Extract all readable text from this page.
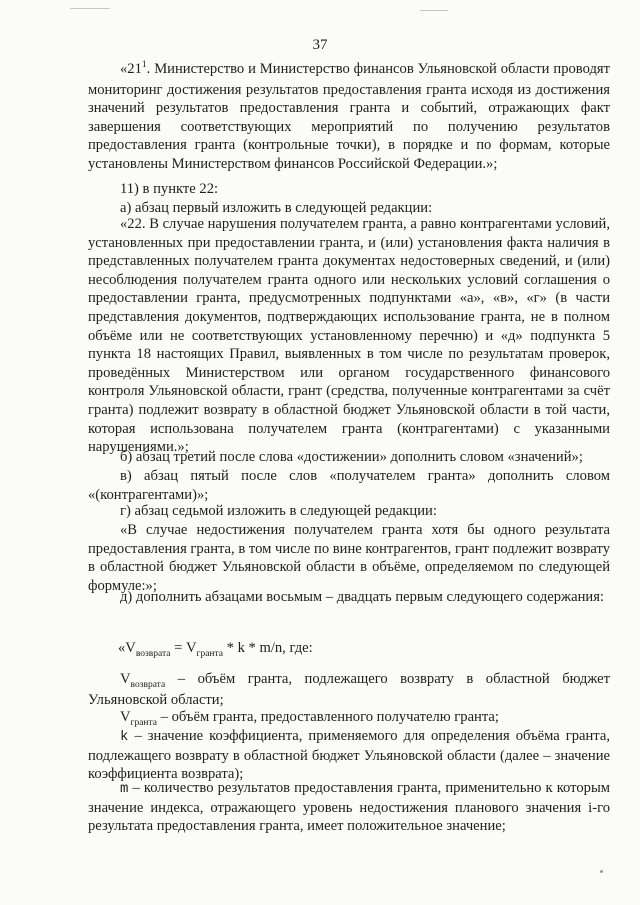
37

«$21^1$. Министерство и Министерство финансов Ульяновской области проводят мониторинг достижения результатов предоставления гранта исходя из достижения значений результатов предоставления гранта и событий, отражающих факт завершения соответствующих мероприятий по получению результатов предоставления гранта (контрольные точки), в порядке и по формам, которые установлены Министерством финансов Российской Федерации.»;

11) в пункте 22:

а) абзац первый изложить в следующей редакции:

«22. В случае нарушения получателем гранта, а равно контрагентами условий, установленных при предоставлении гранта, и (или) установления факта наличия в представленных получателем гранта документах недостоверных сведений, и (или) несоблюдения получателем гранта одного или нескольких условий соглашения о предоставлении гранта, предусмотренных подпунктами «а», «в», «г» (в части представления документов, подтверждающих использование гранта, не в полном объёме или не соответствующих установленному перечню) и «д» подпункта 5 пункта 18 настоящих Правил, выявленных в том числе по результатам проверок, проведённых Министерством или органом государственного финансового контроля Ульяновской области, грант (средства, полученные контрагентами за счёт гранта) подлежит возврату в областной бюджет Ульяновской области в той части, которая использована получателем гранта (контрагентами) с указанными нарушениями.»;

б) абзац третий после слова «достижении» дополнить словом «значений»;

в) абзац пятый после слов «получателем гранта» дополнить словом «(контрагентами)»;

г) абзац седьмой изложить в следующей редакции:

«В случае недостижения получателем гранта хотя бы одного результата предоставления гранта, в том числе по вине контрагентов, грант подлежит возврату в областной бюджет Ульяновской области в объёме, определяемом по следующей формуле:»;

д) дополнить абзацами восьмым – двадцать первым следующего содержания:

«$V_{возврата} = V_{гранта} * k * m/n$, где:

$V_{возврата}$ – объём гранта, подлежащего возврату в областной бюджет Ульяновской области;

$V_{гранта}$ – объём гранта, предоставленного получателю гранта;

k – значение коэффициента, применяемого для определения объёма гранта, подлежащего возврату в областной бюджет Ульяновской области (далее – значение коэффициента возврата);

m – количество результатов предоставления гранта, применительно к которым значение индекса, отражающего уровень недостижения планового значения i-го результата предоставления гранта, имеет положительное значение;
